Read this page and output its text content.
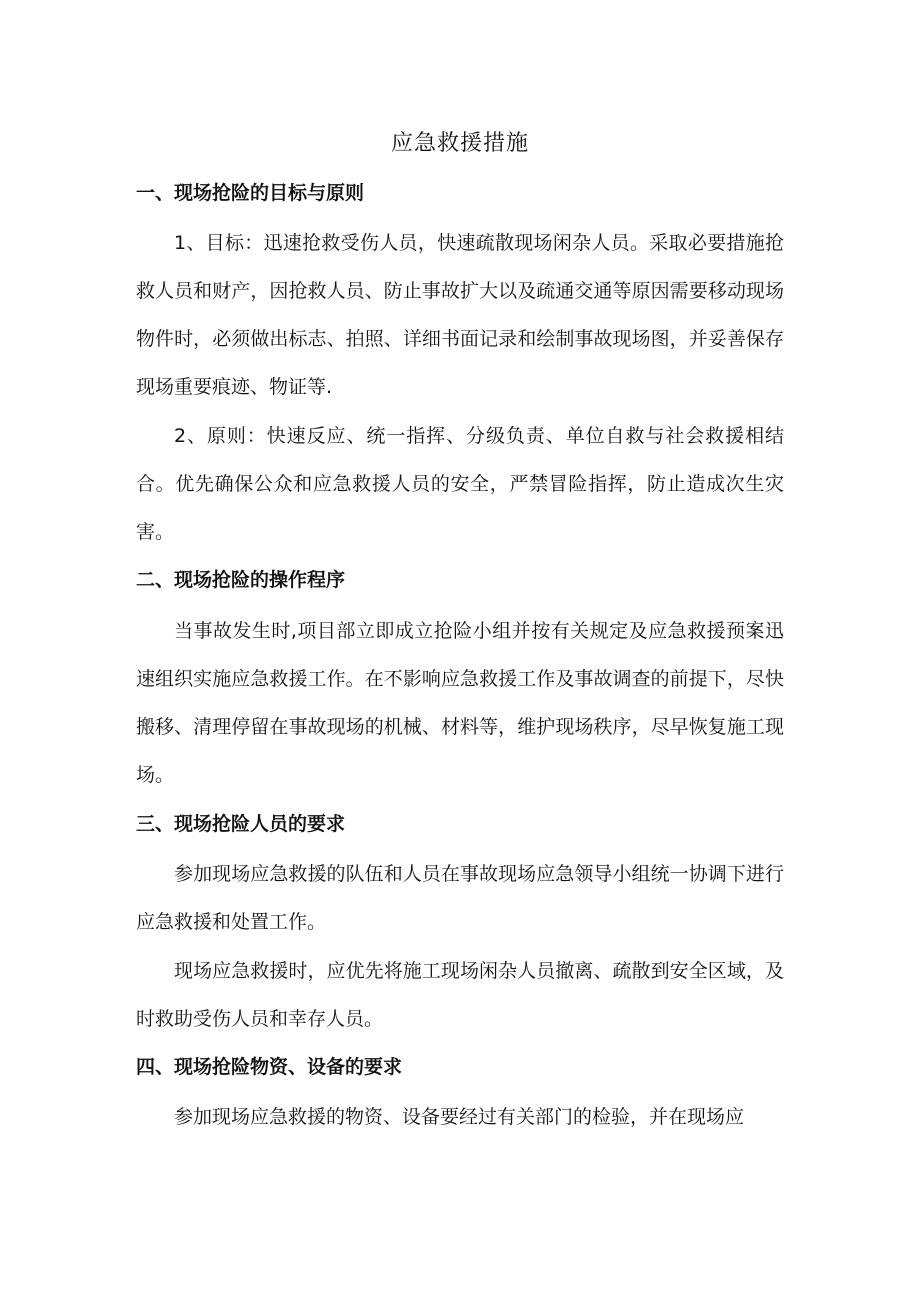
应急救援措施
一、现场抢险的目标与原则
1、目标：迅速抢救受伤人员，快速疏散现场闲杂人员。采取必要措施抢救人员和财产，因抢救人员、防止事故扩大以及疏通交通等原因需要移动现场物件时，必须做出标志、拍照、详细书面记录和绘制事故现场图，并妥善保存现场重要痕迹、物证等.
2、原则：快速反应、统一指挥、分级负责、单位自救与社会救援相结合。优先确保公众和应急救援人员的安全，严禁冒险指挥，防止造成次生灾害。
二、现场抢险的操作程序
当事故发生时,项目部立即成立抢险小组并按有关规定及应急救援预案迅速组织实施应急救援工作。在不影响应急救援工作及事故调查的前提下，尽快搬移、清理停留在事故现场的机械、材料等，维护现场秩序，尽早恢复施工现场。
三、现场抢险人员的要求
参加现场应急救援的队伍和人员在事故现场应急领导小组统一协调下进行应急救援和处置工作。
现场应急救援时，应优先将施工现场闲杂人员撤离、疏散到安全区域，及时救助受伤人员和幸存人员。
四、现场抢险物资、设备的要求
参加现场应急救援的物资、设备要经过有关部门的检验，并在现场应
